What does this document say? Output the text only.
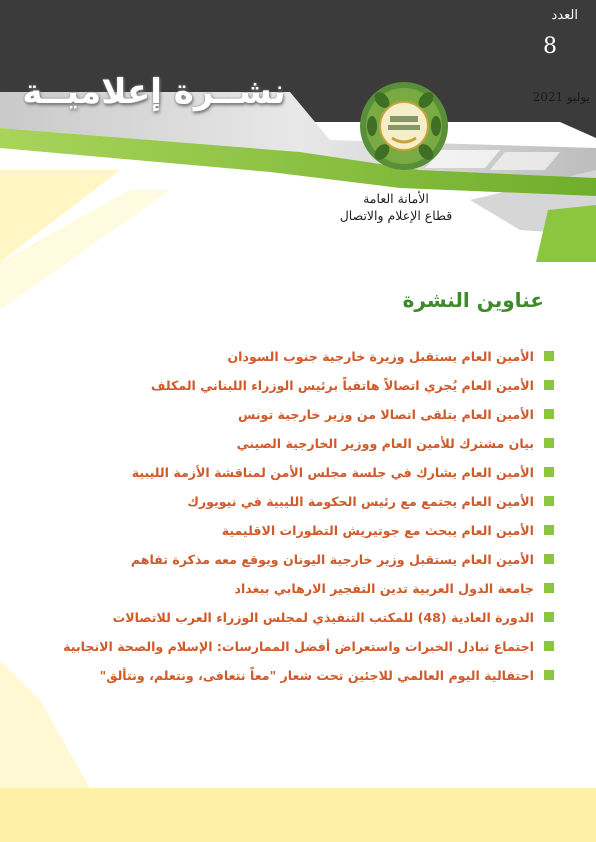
نشــرة إعلاميــة
العدد
8
يوليو 2021
الأمانة العامة
قطاع الإعلام والاتصال
عناوين النشرة
الأمين العام يستقبل وزيرة خارجية جنوب السودان
الأمين العام يُجري اتصالاً هاتفياً برئيس الوزراء اللبناني المكلف
الأمين العام يتلقى اتصالا من وزير خارجية تونس
بيان مشترك للأمين العام ووزير الخارجية الصيني
الأمين العام يشارك في جلسة مجلس الأمن لمناقشة الأزمة الليبية
الأمين العام يجتمع مع رئيس الحكومة الليبية في نيويورك
الأمين العام يبحث مع جوتيريش التطورات الاقليمية
الأمين العام يستقبل وزير خارجية اليونان ويوقع معه مذكرة تفاهم
جامعة الدول العربية تدين التفجير الارهابي ببغداد
الدورة العادية (48) للمكتب التنفيذي لمجلس الوزراء العرب للاتصالات
اجتماع تبادل الخبرات واستعراض أفضل الممارسات: الإسلام والصحة الانجابية
احتفالية اليوم العالمي للاجئين تحت شعار "معاً نتعافى، ونتعلم، ونتألق"
